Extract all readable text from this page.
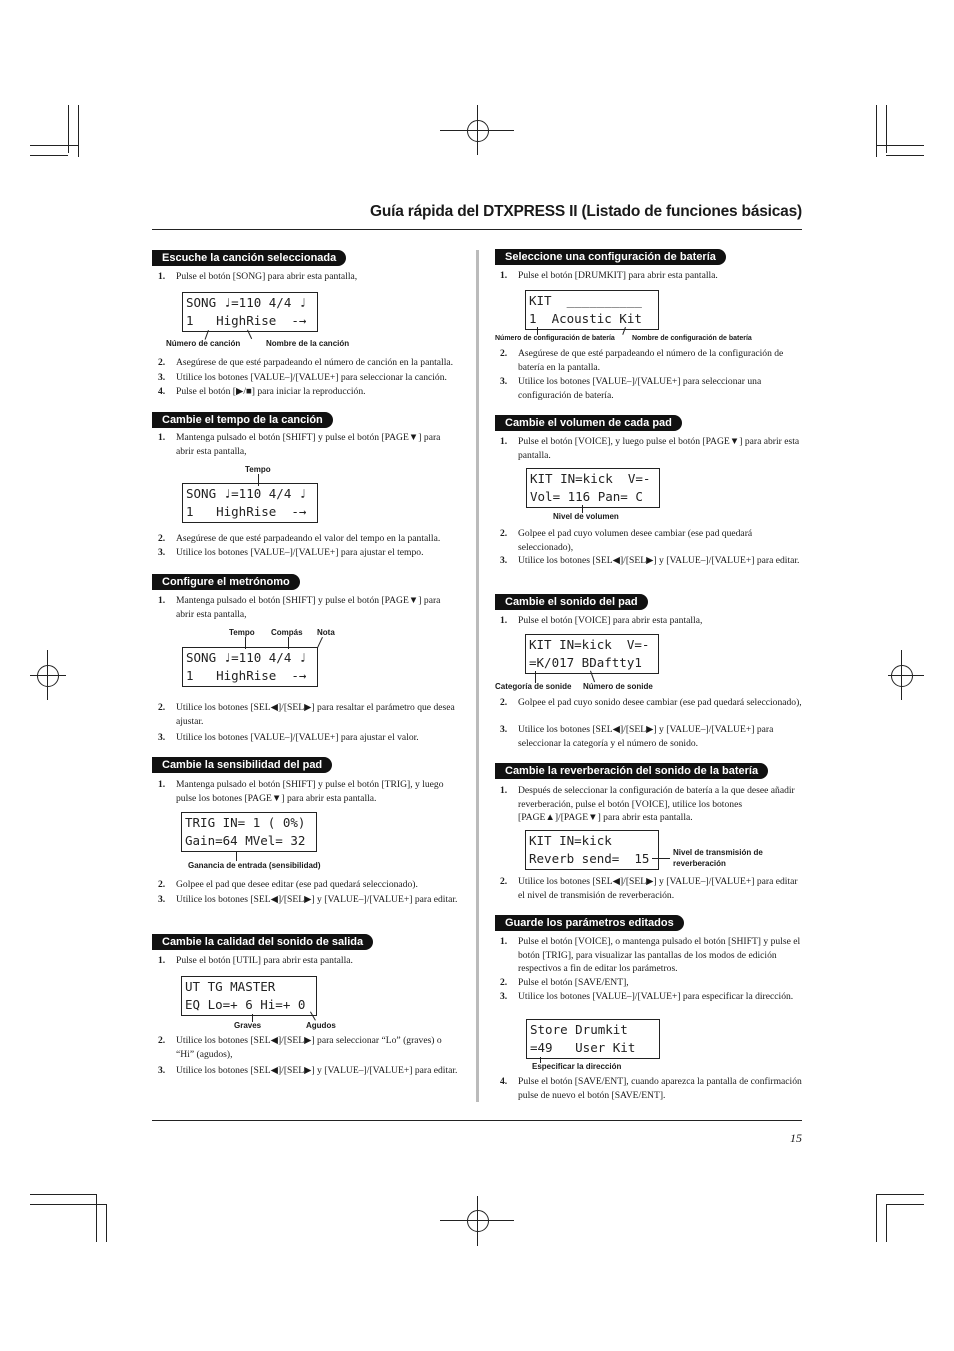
Guía rápida del DTXPRESS II (Listado de funciones básicas)
Escuche la canción seleccionada
1. Pulse el botón [SONG] para abrir esta pantalla,
SONG ♩=110 4/4 ♩
1   HighRise  -→
Número de canción	Nombre de la canción
2. Asegúrese de que esté parpadeando el número de canción en la pantalla.
3. Utilice los botones [VALUE–]/[VALUE+] para seleccionar la canción.
4. Pulse el botón [▶/■] para iniciar la reproducción.
Cambie el tempo de la canción
1. Mantenga pulsado el botón [SHIFT] y pulse el botón [PAGE▼] para abrir esta pantalla,
Tempo
SONG ♩=110 4/4 ♩
1   HighRise  -→
2. Asegúrese de que esté parpadeando el valor del tempo en la pantalla.
3. Utilice los botones [VALUE–]/[VALUE+] para ajustar el tempo.
Configure el metrónomo
1. Mantenga pulsado el botón [SHIFT] y pulse el botón [PAGE▼] para abrir esta pantalla,
Tempo Compás Nota
SONG ♩=110 4/4 ♩
1   HighRise  -→
2. Utilice los botones [SEL◀]/[SEL▶] para resaltar el parámetro que desea ajustar.
3. Utilice los botones [VALUE–]/[VALUE+] para ajustar el valor.
Cambie la sensibilidad del pad
1. Mantenga pulsado el botón [SHIFT] y pulse el botón [TRIG], y luego pulse los botones [PAGE▼] para abrir esta pantalla.
TRIG IN= 1 ( 0%)
Gain=64 MVel= 32
Ganancia de entrada (sensibilidad)
2. Golpee el pad que desee editar (ese pad quedará seleccionado).
3. Utilice los botones [SEL◀]/[SEL▶] y [VALUE–]/[VALUE+] para editar.
Cambie la calidad del sonido de salida
1. Pulse el botón [UTIL] para abrir esta pantalla.
UT TG MASTER
EQ Lo=+ 6 Hi=+ 0
Graves	Agudos
2. Utilice los botones [SEL◀]/[SEL▶] para seleccionar “Lo” (graves) o “Hi” (agudos),
3. Utilice los botones [SEL◀]/[SEL▶] y [VALUE–]/[VALUE+] para editar.
Seleccione una configuración de batería
1. Pulse el botón [DRUMKIT] para abrir esta pantalla.
KIT  __________
1  Acoustic Kit
Número de configuración de batería Nombre de configuración de batería
2. Asegúrese de que esté parpadeando el número de la configuración de batería en la pantalla.
3. Utilice los botones [VALUE–]/[VALUE+] para seleccionar una configuración de batería.
Cambie el volumen de cada pad
1. Pulse el botón [VOICE], y luego pulse el botón [PAGE▼] para abrir esta pantalla.
KIT IN=kick  V=-
Vol= 116 Pan= C
Nivel de volumen
2. Golpee el pad cuyo volumen desee cambiar (ese pad quedará seleccionado),
3. Utilice los botones [SEL◀]/[SEL▶] y [VALUE–]/[VALUE+] para editar.
Cambie el sonido del pad
1. Pulse el botón [VOICE] para abrir esta pantalla,
KIT IN=kick  V=-
=K/017 BDaftty1
Categoría de sonide Número de sonide
2. Golpee el pad cuyo sonido desee cambiar (ese pad quedará seleccionado),
3. Utilice los botones [SEL◀]/[SEL▶] y [VALUE–]/[VALUE+] para seleccionar la categoría y el número de sonido.
Cambie la reverberación del sonido de la batería
1. Después de seleccionar la configuración de batería a la que desee añadir reverberación, pulse el botón [VOICE], utilice los botones [PAGE▲]/[PAGE▼] para abrir esta pantalla.
KIT IN=kick
Reverb send=  15	Nivel de transmisión de
reverberación
2. Utilice los botones [SEL◀]/[SEL▶] y [VALUE–]/[VALUE+] para editar el nivel de transmisión de reverberación.
Guarde los parámetros editados
1. Pulse el botón [VOICE], o mantenga pulsado el botón [SHIFT] y pulse el botón [TRIG], para visualizar las pantallas de los modos de edición respectivos a fin de editar los parámetros.
2. Pulse el botón [SAVE/ENT],
3. Utilice los botones [VALUE–]/[VALUE+] para especificar la dirección.
Store Drumkit
=49   User Kit
Especificar la dirección
4. Pulse el botón [SAVE/ENT], cuando aparezca la pantalla de confirmación pulse de nuevo el botón [SAVE/ENT].
15
